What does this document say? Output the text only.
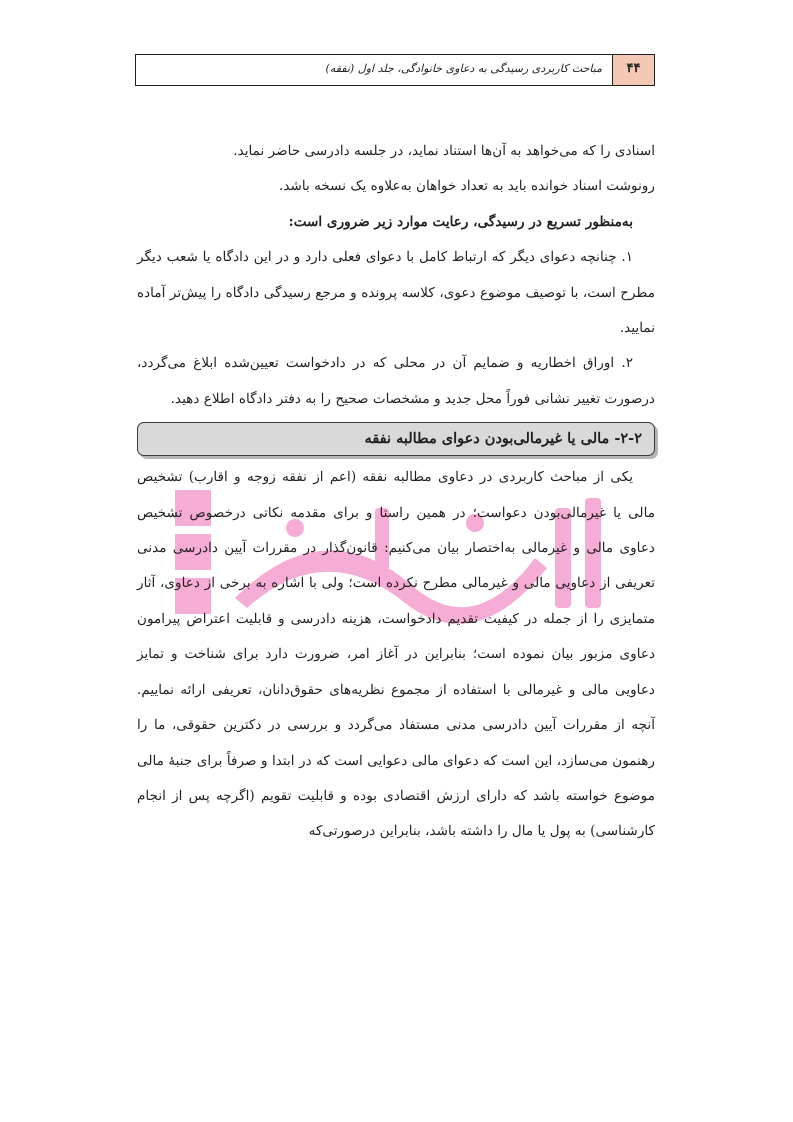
مباحث کاربردی رسیدگی به دعاوی خانوادگی، جلد اول (نفقه)	۴۴

اسنادی را که می‌خواهد به آن‌ها استناد نماید، در جلسه دادرسی حاضر نماید.

رونوشت اسناد خوانده باید به تعداد خواهان به‌علاوه یک نسخه باشد.

به‌منظور تسریع در رسیدگی، رعایت موارد زیر ضروری است:

۱. چنانچه دعوای دیگر که ارتباط کامل با دعوای فعلی دارد و در این دادگاه یا شعب دیگر مطرح است، با توصیف موضوع دعوی، کلاسه پرونده و مرجع رسیدگی دادگاه را پیش‌تر آماده نمایید.

۲. اوراق اخطاریه و ضمایم آن در محلی که در دادخواست تعیین‌شده ابلاغ می‌گردد، درصورت تغییر نشانی فوراً محل جدید و مشخصات صحیح را به دفتر دادگاه اطلاع دهید.

۲-۲- مالی یا غیرمالی‌بودن دعوای مطالبه نفقه

یکی از مباحث کاربردی در دعاوی مطالبه نفقه (اعم از نفقه زوجه و اقارب) تشخیص مالی یا غیرمالی‌بودن دعواست؛ در همین راستا و برای مقدمه نکاتی درخصوص تشخیص دعاوی مالی و غیرمالی به‌اختصار بیان می‌کنیم: قانون‌گذار در مقررات آیین دادرسی مدنی تعریفی از دعاویی مالی و غیرمالی مطرح نکرده است؛ ولی با اشاره به برخی از دعاوی، آثار متمایزی را از جمله در کیفیت تقدیم دادخواست، هزینه دادرسی و قابلیت اعتراض پیرامون دعاوی مزبور بیان نموده است؛ بنابراین در آغاز امر، ضرورت دارد برای شناخت و تمایز دعاویی مالی و غیرمالی با استفاده از مجموع نظریه‌های حقوق‌دانان، تعریفی ارائه نماییم. آنچه از مقررات آیین دادرسی مدنی مستفاد می‌گردد و بررسی در دکترین حقوقی، ما را رهنمون می‌سازد، این است که دعوای مالی دعوایی است که در ابتدا و صرفاً برای جنبهٔ مالی موضوع خواسته باشد که دارای ارزش اقتصادی بوده و قابلیت تقویم (اگرچه پس از انجام کارشناسی) به پول یا مال را داشته باشد، بنابراین درصورتی‌که
